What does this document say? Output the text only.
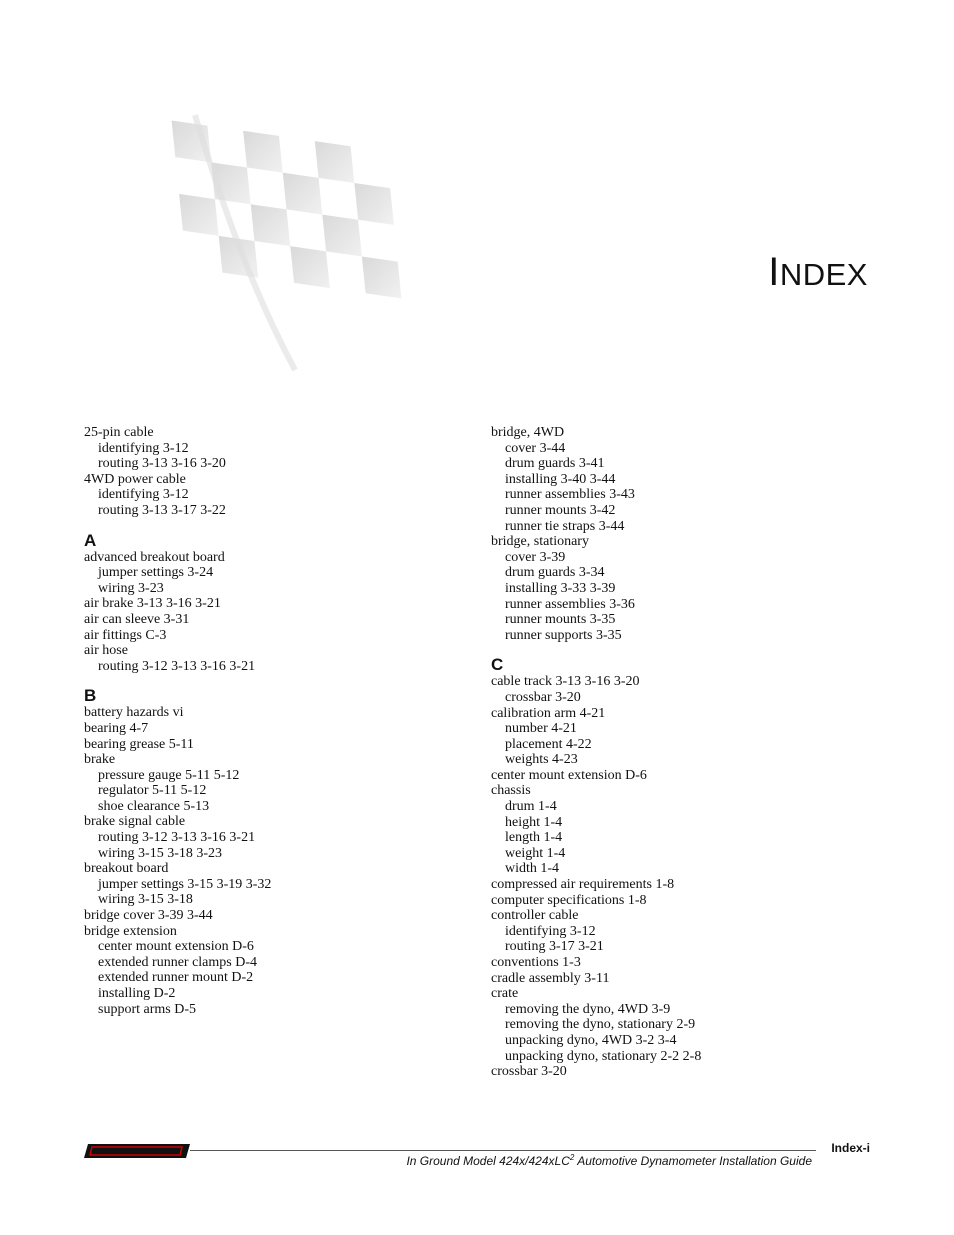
INDEX
25-pin cable
identifying 3-12
routing 3-13 3-16 3-20
4WD power cable
identifying 3-12
routing 3-13 3-17 3-22
A
advanced breakout board
jumper settings 3-24
wiring 3-23
air brake 3-13 3-16 3-21
air can sleeve 3-31
air fittings C-3
air hose
routing 3-12 3-13 3-16 3-21
B
battery hazards vi
bearing 4-7
bearing grease 5-11
brake
pressure gauge 5-11 5-12
regulator 5-11 5-12
shoe clearance 5-13
brake signal cable
routing 3-12 3-13 3-16 3-21
wiring 3-15 3-18 3-23
breakout board
jumper settings 3-15 3-19 3-32
wiring 3-15 3-18
bridge cover 3-39 3-44
bridge extension
center mount extension D-6
extended runner clamps D-4
extended runner mount D-2
installing D-2
support arms D-5
bridge, 4WD
cover 3-44
drum guards 3-41
installing 3-40 3-44
runner assemblies 3-43
runner mounts 3-42
runner tie straps 3-44
bridge, stationary
cover 3-39
drum guards 3-34
installing 3-33 3-39
runner assemblies 3-36
runner mounts 3-35
runner supports 3-35
C
cable track 3-13 3-16 3-20
crossbar 3-20
calibration arm 4-21
number 4-21
placement 4-22
weights 4-23
center mount extension D-6
chassis
drum 1-4
height 1-4
length 1-4
weight 1-4
width 1-4
compressed air requirements 1-8
computer specifications 1-8
controller cable
identifying 3-12
routing 3-17 3-21
conventions 1-3
cradle assembly 3-11
crate
removing the dyno, 4WD 3-9
removing the dyno, stationary 2-9
unpacking dyno, 4WD 3-2 3-4
unpacking dyno, stationary 2-2 2-8
crossbar 3-20
Index-i
In Ground Model 424x/424xLC$^2$ Automotive Dynamometer Installation Guide
